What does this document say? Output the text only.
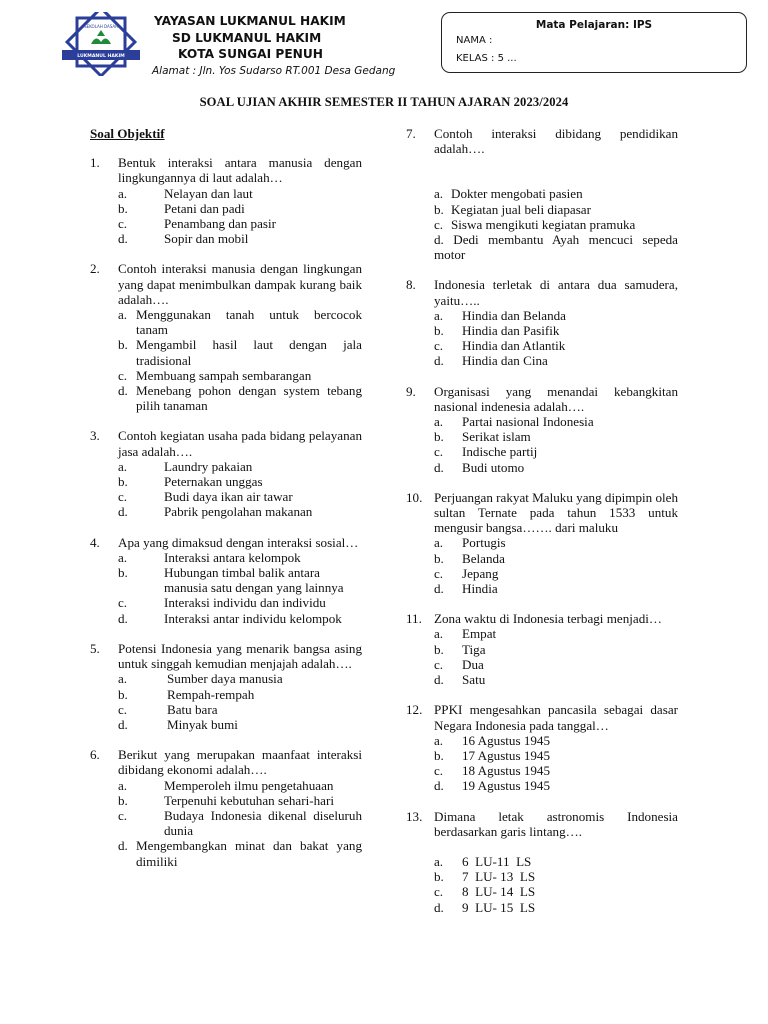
SEKOLAH DASAR
LUKMANUL HAKIM
YAYASAN LUKMANUL HAKIM
SD LUKMANUL HAKIM
KOTA SUNGAI PENUH
Alamat : Jln. Yos Sudarso RT.001 Desa Gedang
Mata Pelajaran: IPS
NAMA :
KELAS : 5 ...
SOAL UJIAN AKHIR SEMESTER II TAHUN AJARAN 2023/2024
Soal Objektif
1. Bentuk interaksi antara manusia dengan lingkungannya di laut adalah…
a.	Nelayan dan laut
b.	Petani dan padi
c.	Penambang dan pasir
d.	Sopir dan mobil
2. Contoh interaksi manusia dengan lingkungan yang dapat menimbulkan dampak kurang baik adalah….
a. Menggunakan tanah untuk bercocok tanam
b. Mengambil hasil laut dengan jala tradisional
c. Membuang sampah sembarangan
d. Menebang pohon dengan system tebang pilih tanaman
3. Contoh kegiatan usaha pada bidang pelayanan jasa adalah….
a.	Laundry pakaian
b.	Peternakan unggas
c.	Budi daya ikan air tawar
d.	Pabrik pengolahan makanan
4. Apa yang dimaksud dengan interaksi sosial…
a.	Interaksi antara kelompok
b.	Hubungan timbal balik antara manusia satu dengan yang lainnya
c.	Interaksi individu dan individu
d.	Interaksi antar individu kelompok
5. Potensi Indonesia yang menarik bangsa asing untuk singgah kemudian menjajah adalah….
a.	Sumber daya manusia
b.	Rempah-rempah
c.	Batu bara
d.	Minyak bumi
6. Berikut yang merupakan maanfaat interaksi dibidang ekonomi adalah….
a.	Memperoleh ilmu pengetahuaan
b.	Terpenuhi kebutuhan sehari-hari
c.	Budaya Indonesia dikenal diseluruh dunia
d. Mengembangkan minat dan bakat yang dimiliki
7. Contoh interaksi dibidang pendidikan adalah….
a. Dokter mengobati pasien
b. Kegiatan jual beli diapasar
c. Siswa mengikuti kegiatan pramuka
d. Dedi membantu Ayah mencuci sepeda motor
8. Indonesia terletak di antara dua samudera, yaitu…..
a. Hindia dan Belanda
b. Hindia dan Pasifik
c. Hindia dan Atlantik
d. Hindia dan Cina
9. Organisasi yang menandai kebangkitan nasional indenesia adalah….
a. Partai nasional Indonesia
b. Serikat islam
c. Indische partij
d. Budi utomo
10. Perjuangan rakyat Maluku yang dipimpin oleh sultan Ternate pada tahun 1533 untuk mengusir bangsa……. dari maluku
a. Portugis
b. Belanda
c. Jepang
d. Hindia
11. Zona waktu di Indonesia terbagi menjadi…
a. Empat
b. Tiga
c. Dua
d. Satu
12. PPKI mengesahkan pancasila sebagai dasar Negara Indonesia pada tanggal…
a. 16 Agustus 1945
b. 17 Agustus 1945
c. 18 Agustus 1945
d. 19 Agustus 1945
13. Dimana letak astronomis Indonesia berdasarkan garis lintang….
a. 6  LU-11  LS
b. 7  LU- 13  LS
c. 8  LU- 14  LS
d. 9  LU- 15  LS
